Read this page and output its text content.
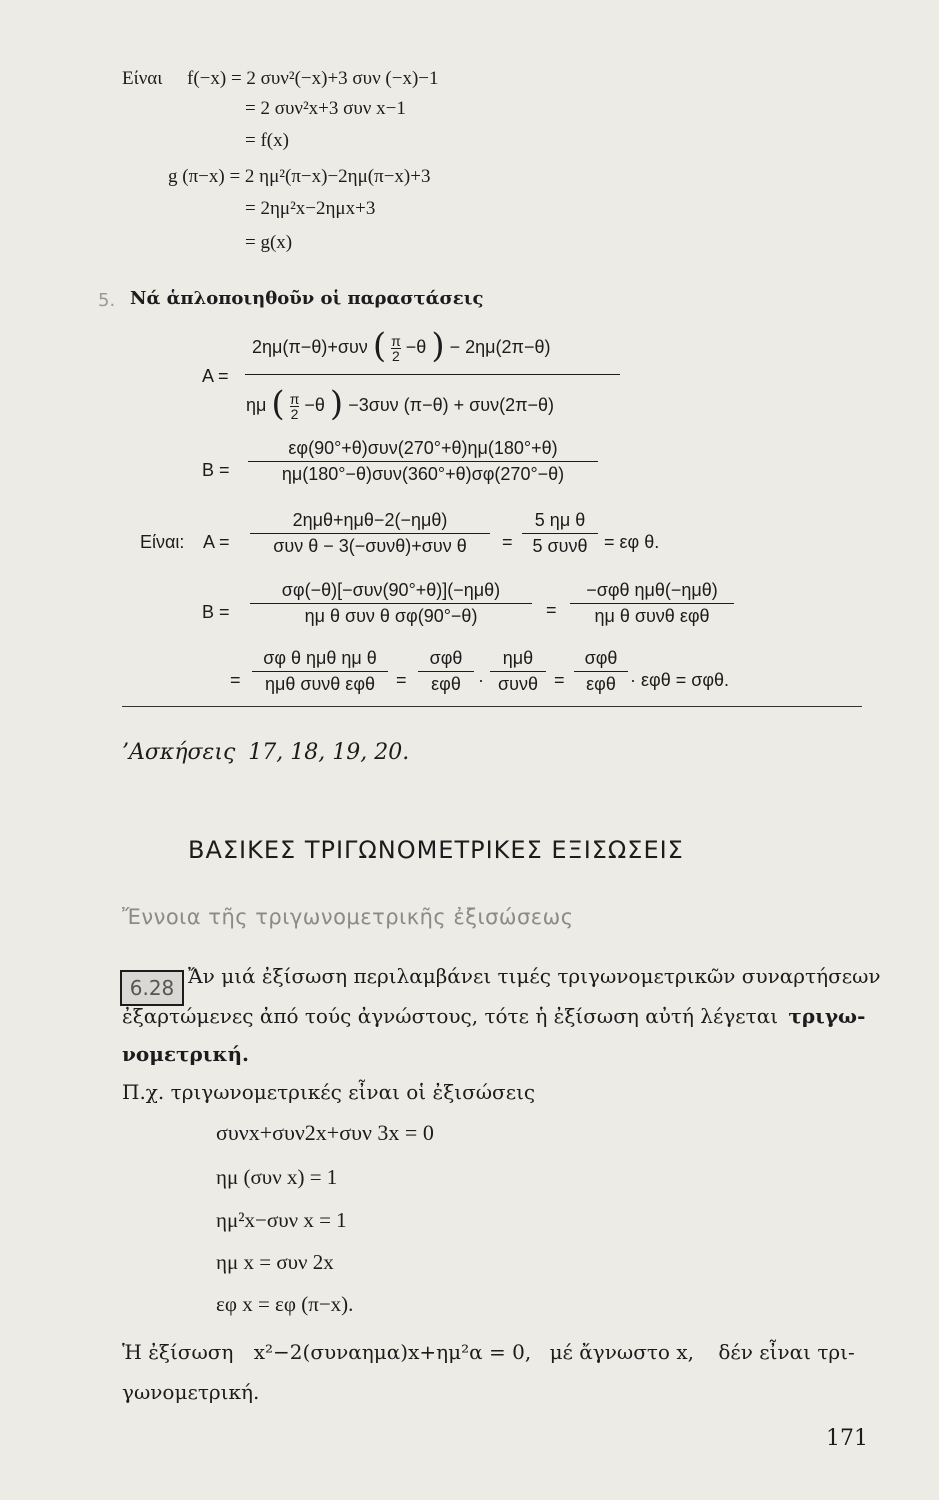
Είναι f(−x) = 2 συν²(−x)+3 συν (−x)−1
= 2 συν²x+3 συν x−1
= f(x)
g (π−x) = 2 ημ²(π−x)−2ημ(π−x)+3
= 2ημ²x−2ημx+3
= g(x)
5. Νά ἁπλοποιηθοῦν οἱ παραστάσεις
A =
2ημ(π−θ)+συν ( $\frac{\pi}{2} -\theta$ ) − 2ημ(2π−θ)
ημ ( $\frac{\pi}{2} -\theta$ ) −3συν (π−θ) + συν(2π−θ)
B =
εφ(90°+θ)συν(270°+θ)ημ(180°+θ)
ημ(180°−θ)συν(360°+θ)σφ(270°−θ)
Είναι: A =
2ημθ+ημθ−2(−ημθ)
συν θ − 3(−συνθ)+συν θ	=
5 ημ θ
5 συνθ = εφ θ.
B =
σφ(−θ)[−συν(90°+θ)](−ημθ)
ημ θ συν θ σφ(90°−θ)	=
−σφθ ημθ(−ημθ)
ημ θ συνθ εφθ
=
σφ θ ημθ ημ θ
ημθ συνθ εφθ	=
σφθ
εφθ ·
ημθ
συνθ =
σφθ
εφθ · εφθ = σφθ.
’Ασκήσεις 17, 18, 19, 20.
ΒΑΣΙΚΕΣ ΤΡΙΓΩΝΟΜΕΤΡΙΚΕΣ ΕΞΙΣΩΣΕΙΣ
Ἔννοια τῆς τριγωνομετρικῆς ἐξισώσεως
6.28 Ἄν μιά ἐξίσωση περιλαμβάνει τιμές τριγωνομετρικῶν συναρτήσεων
ἐξαρτώμενες ἀπό τούς ἀγνώστους, τότε ἡ ἐξίσωση αὐτή λέγεται τριγω-
νομετρική.
Π.χ. τριγωνομετρικές εἶναι οἱ ἐξισώσεις
συνx+συν2x+συν 3x = 0
ημ (συν x) = 1
ημ²x−συν x = 1
ημ x = συν 2x
εφ x = εφ (π−x).
Ἡ ἐξίσωση x²−2(συναημα)x+ημ²α = 0, μέ ἄγνωστο x, δέν εἶναι τρι-
γωνομετρική.
171
